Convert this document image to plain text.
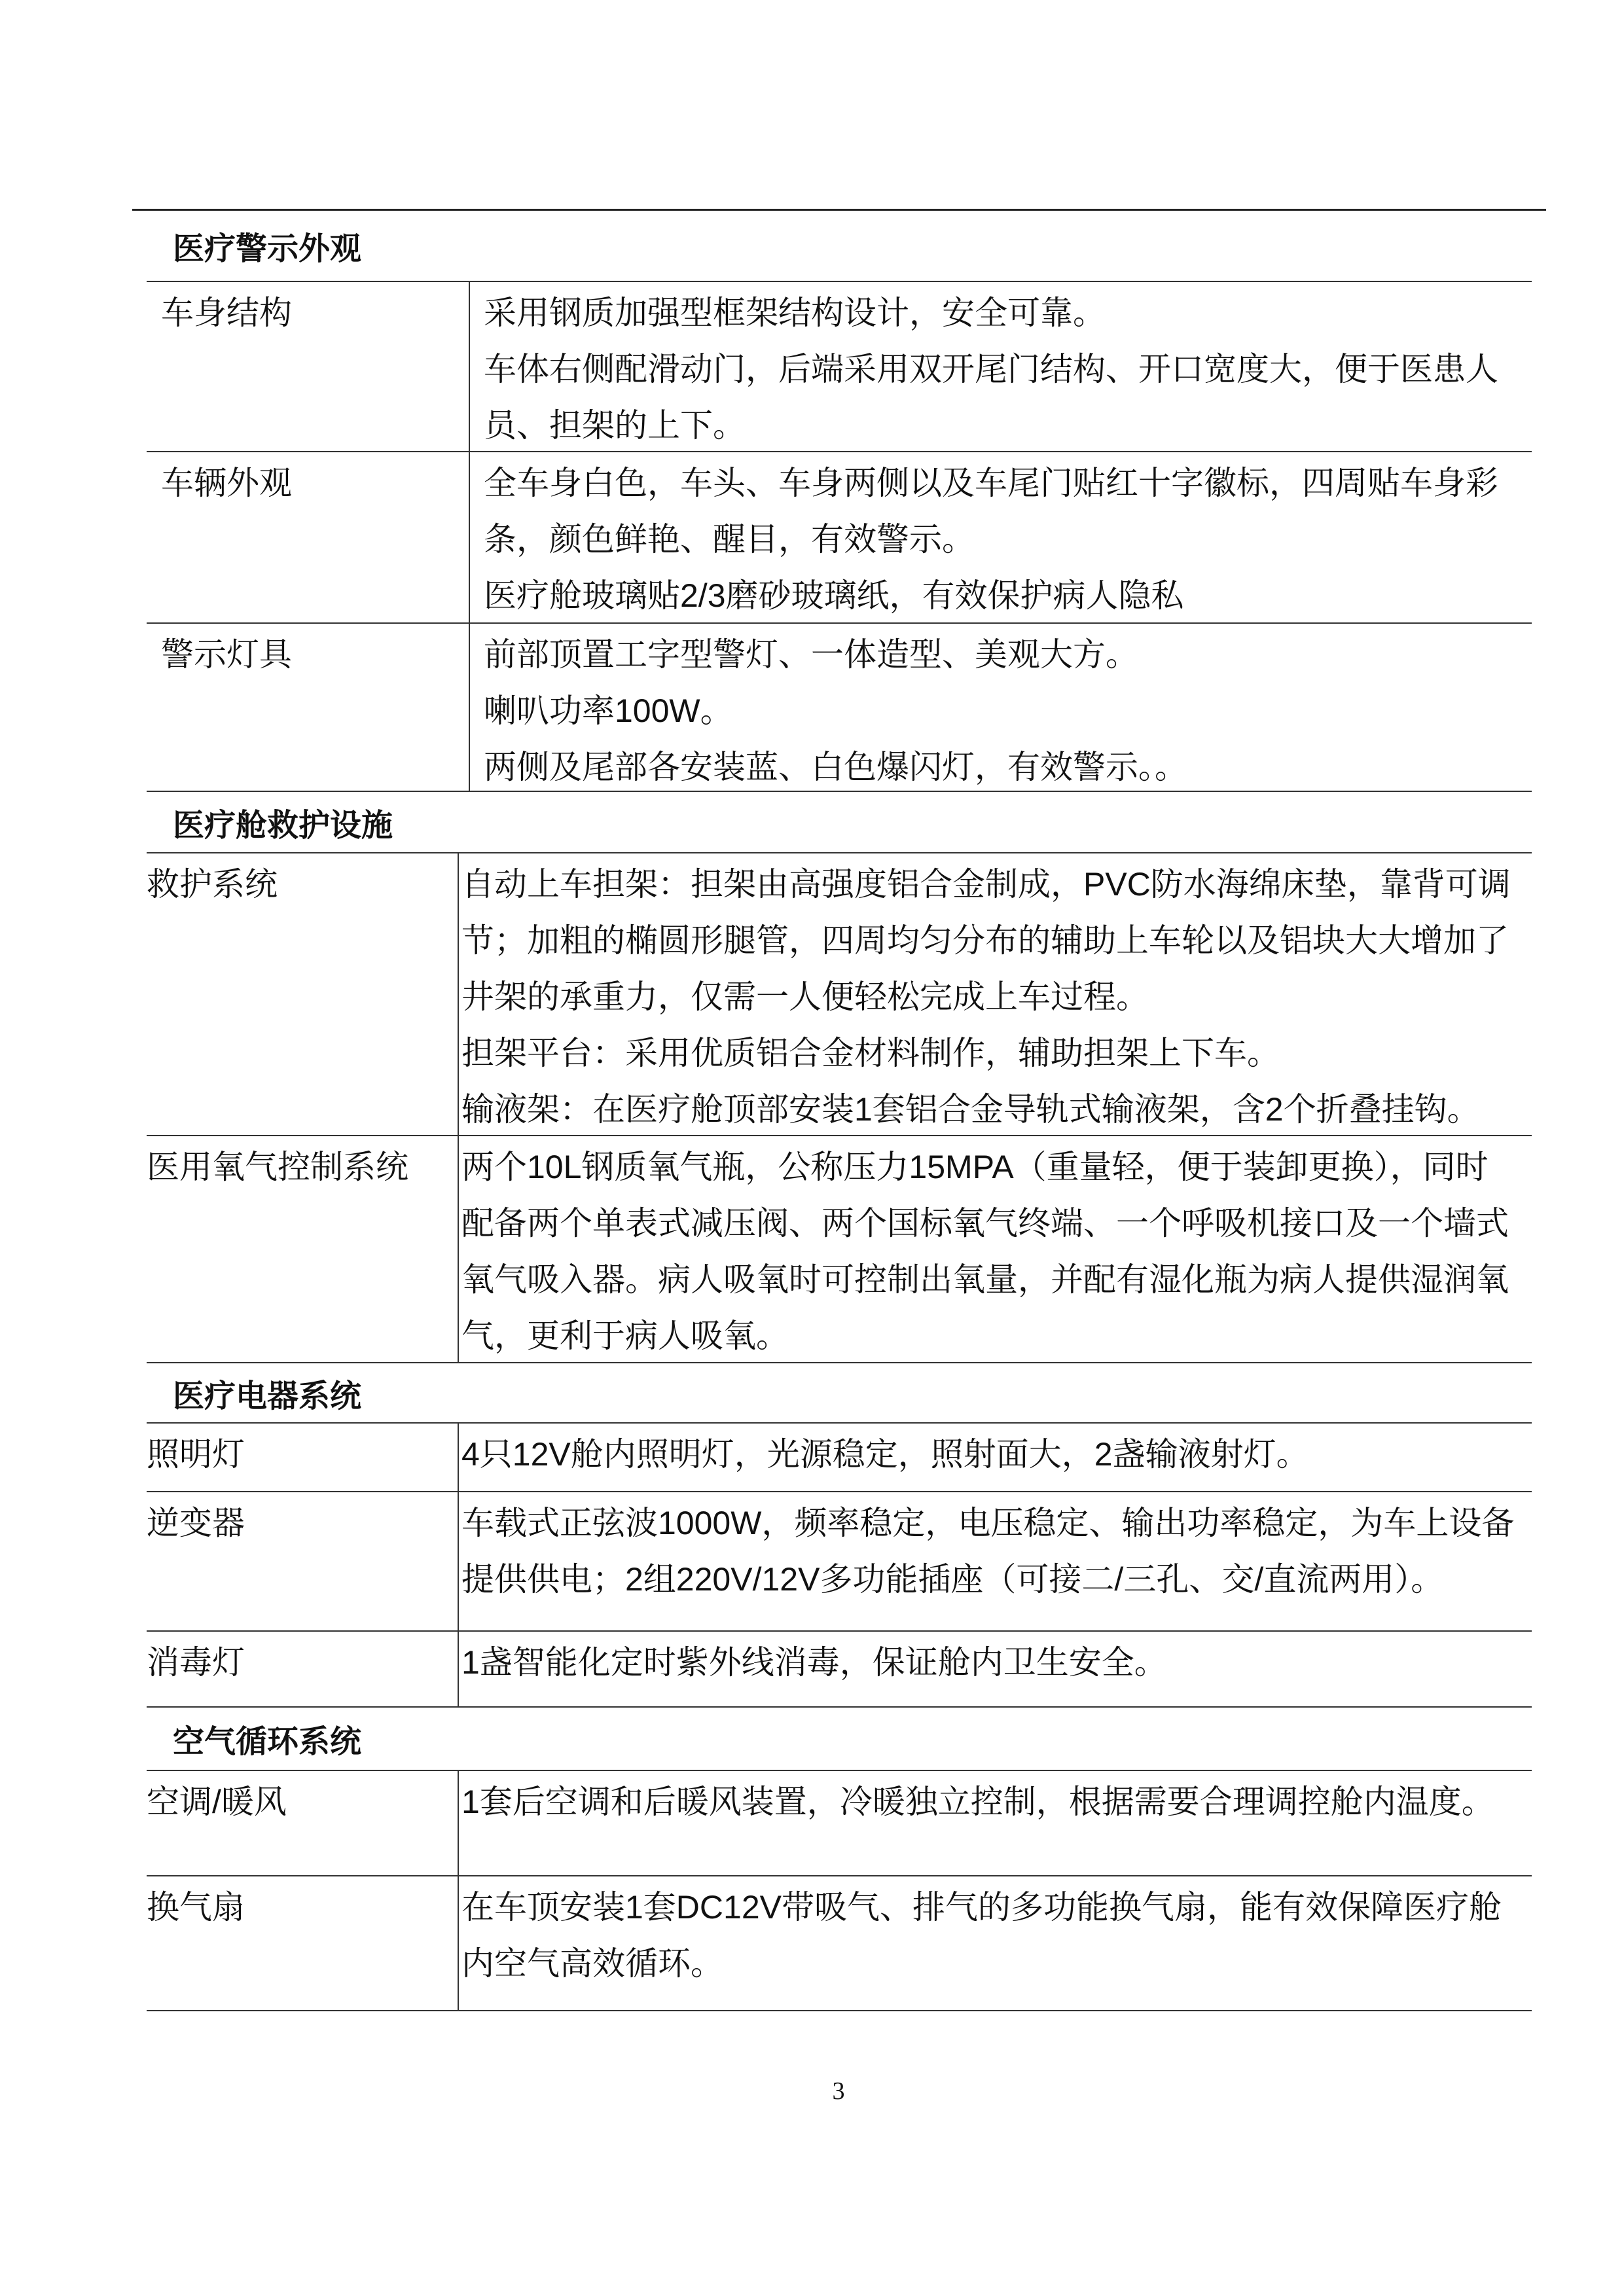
医疗警示外观
车身结构	采用钢质加强型框架结构设计，安全可靠。
车体右侧配滑动门，后端采用双开尾门结构、开口宽度大，便于医患人
员、担架的上下。
车辆外观	全车身白色，车头、车身两侧以及车尾门贴红十字徽标，四周贴车身彩
条，颜色鲜艳、醒目，有效警示。
医疗舱玻璃贴2/3磨砂玻璃纸，有效保护病人隐私
警示灯具	前部顶置工字型警灯、一体造型、美观大方。
喇叭功率100W。
两侧及尾部各安装蓝、白色爆闪灯，有效警示。。
医疗舱救护设施
救护系统	自动上车担架：担架由高强度铝合金制成，PVC防水海绵床垫，靠背可调
节；加粗的椭圆形腿管，四周均匀分布的辅助上车轮以及铝块大大增加了
井架的承重力，仅需一人便轻松完成上车过程。
担架平台：采用优质铝合金材料制作，辅助担架上下车。
输液架：在医疗舱顶部安装1套铝合金导轨式输液架，含2个折叠挂钩。
医用氧气控制系统 两个10L钢质氧气瓶，公称压力15MPA（重量轻，便于装卸更换），同时
配备两个单表式减压阀、两个国标氧气终端、一个呼吸机接口及一个墙式
氧气吸入器。病人吸氧时可控制出氧量，并配有湿化瓶为病人提供湿润氧
气，更利于病人吸氧。
医疗电器系统
照明灯	4只12V舱内照明灯，光源稳定，照射面大，2盏输液射灯。
逆变器	车载式正弦波1000W，频率稳定，电压稳定、输出功率稳定，为车上设备
提供供电；2组220V/12V多功能插座（可接二/三孔、交/直流两用）。
消毒灯	1盏智能化定时紫外线消毒，保证舱内卫生安全。
空气循环系统
空调/暖风	1套后空调和后暖风装置，冷暖独立控制，根据需要合理调控舱内温度。
换气扇	在车顶安装1套DC12V带吸气、排气的多功能换气扇，能有效保障医疗舱
内空气高效循环。
3
